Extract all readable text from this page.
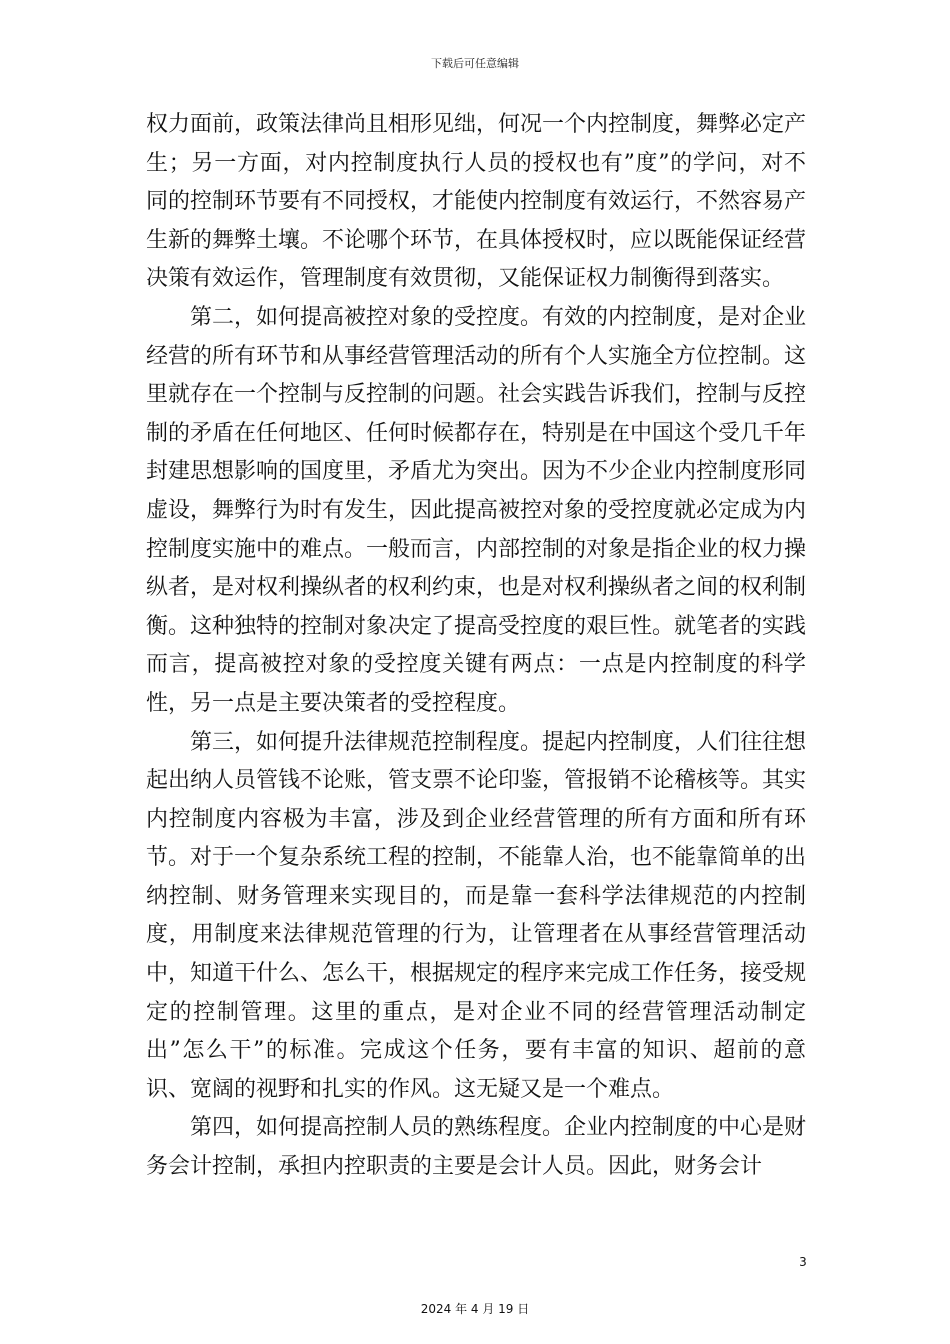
下载后可任意编辑

权力面前，政策法律尚且相形见绌，何况一个内控制度，舞弊必定产生；另一方面，对内控制度执行人员的授权也有”度”的学问，对不同的控制环节要有不同授权，才能使内控制度有效运行，不然容易产生新的舞弊土壤。不论哪个环节，在具体授权时，应以既能保证经营决策有效运作，管理制度有效贯彻，又能保证权力制衡得到落实。

第二，如何提高被控对象的受控度。有效的内控制度，是对企业经营的所有环节和从事经营管理活动的所有个人实施全方位控制。这里就存在一个控制与反控制的问题。社会实践告诉我们，控制与反控制的矛盾在任何地区、任何时候都存在，特别是在中国这个受几千年封建思想影响的国度里，矛盾尤为突出。因为不少企业内控制度形同虚设，舞弊行为时有发生，因此提高被控对象的受控度就必定成为内控制度实施中的难点。一般而言，内部控制的对象是指企业的权力操纵者，是对权利操纵者的权利约束，也是对权利操纵者之间的权利制衡。这种独特的控制对象决定了提高受控度的艰巨性。就笔者的实践而言，提高被控对象的受控度关键有两点：一点是内控制度的科学性，另一点是主要决策者的受控程度。

第三，如何提升法律规范控制程度。提起内控制度，人们往往想起出纳人员管钱不论账，管支票不论印鉴，管报销不论稽核等。其实内控制度内容极为丰富，涉及到企业经营管理的所有方面和所有环节。对于一个复杂系统工程的控制，不能靠人治，也不能靠简单的出纳控制、财务管理来实现目的，而是靠一套科学法律规范的内控制度，用制度来法律规范管理的行为，让管理者在从事经营管理活动中，知道干什么、怎么干，根据规定的程序来完成工作任务，接受规定的控制管理。这里的重点，是对企业不同的经营管理活动制定出”怎么干”的标准。完成这个任务，要有丰富的知识、超前的意识、宽阔的视野和扎实的作风。这无疑又是一个难点。

第四，如何提高控制人员的熟练程度。企业内控制度的中心是财务会计控制，承担内控职责的主要是会计人员。因此，财务会计

3
2024 年 4 月 19 日
